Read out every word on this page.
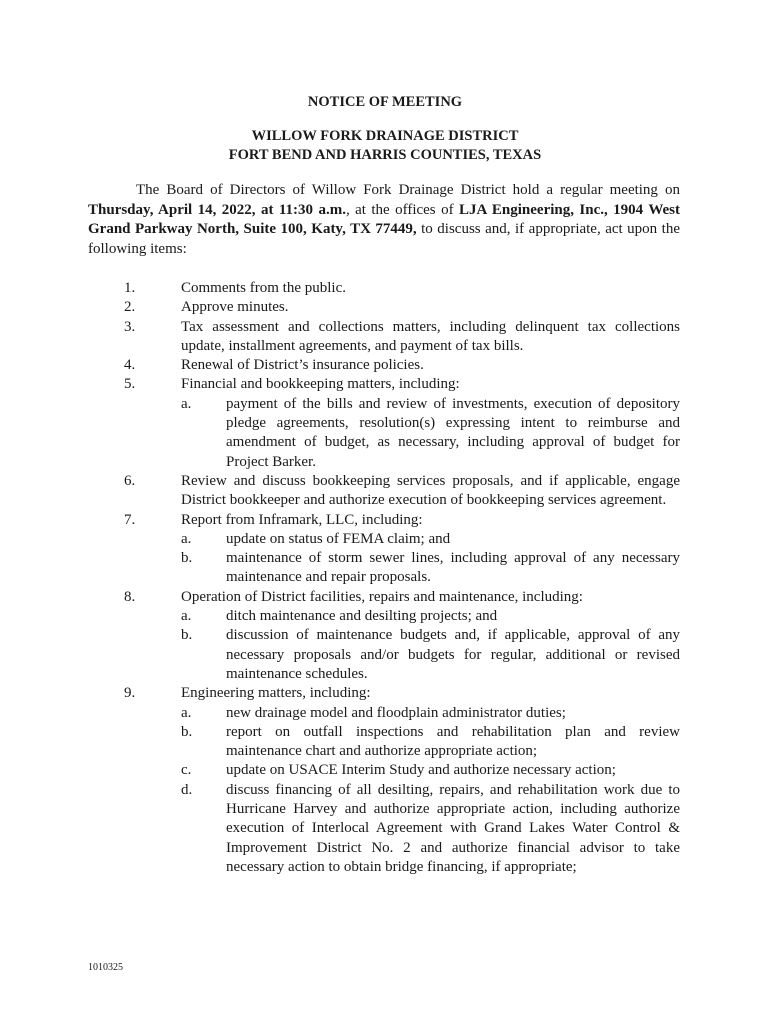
NOTICE OF MEETING
WILLOW FORK DRAINAGE DISTRICT
FORT BEND AND HARRIS COUNTIES, TEXAS
The Board of Directors of Willow Fork Drainage District hold a regular meeting on Thursday, April 14, 2022, at 11:30 a.m., at the offices of LJA Engineering, Inc., 1904 West Grand Parkway North, Suite 100, Katy, TX 77449, to discuss and, if appropriate, act upon the following items:
1.	Comments from the public.
2.	Approve minutes.
3.	Tax assessment and collections matters, including delinquent tax collections update, installment agreements, and payment of tax bills.
4.	Renewal of District’s insurance policies.
5.	Financial and bookkeeping matters, including:
a. payment of the bills and review of investments, execution of depository pledge agreements, resolution(s) expressing intent to reimburse and amendment of budget, as necessary, including approval of budget for Project Barker.
6.	Review and discuss bookkeeping services proposals, and if applicable, engage District bookkeeper and authorize execution of bookkeeping services agreement.
7.	Report from Inframark, LLC, including:
a. update on status of FEMA claim; and
b. maintenance of storm sewer lines, including approval of any necessary maintenance and repair proposals.
8.	Operation of District facilities, repairs and maintenance, including:
a. ditch maintenance and desilting projects; and
b. discussion of maintenance budgets and, if applicable, approval of any necessary proposals and/or budgets for regular, additional or revised maintenance schedules.
9.	Engineering matters, including:
a. new drainage model and floodplain administrator duties;
b. report on outfall inspections and rehabilitation plan and review maintenance chart and authorize appropriate action;
c. update on USACE Interim Study and authorize necessary action;
d. discuss financing of all desilting, repairs, and rehabilitation work due to Hurricane Harvey and authorize appropriate action, including authorize execution of Interlocal Agreement with Grand Lakes Water Control & Improvement District No. 2 and authorize financial advisor to take necessary action to obtain bridge financing, if appropriate;
1010325
